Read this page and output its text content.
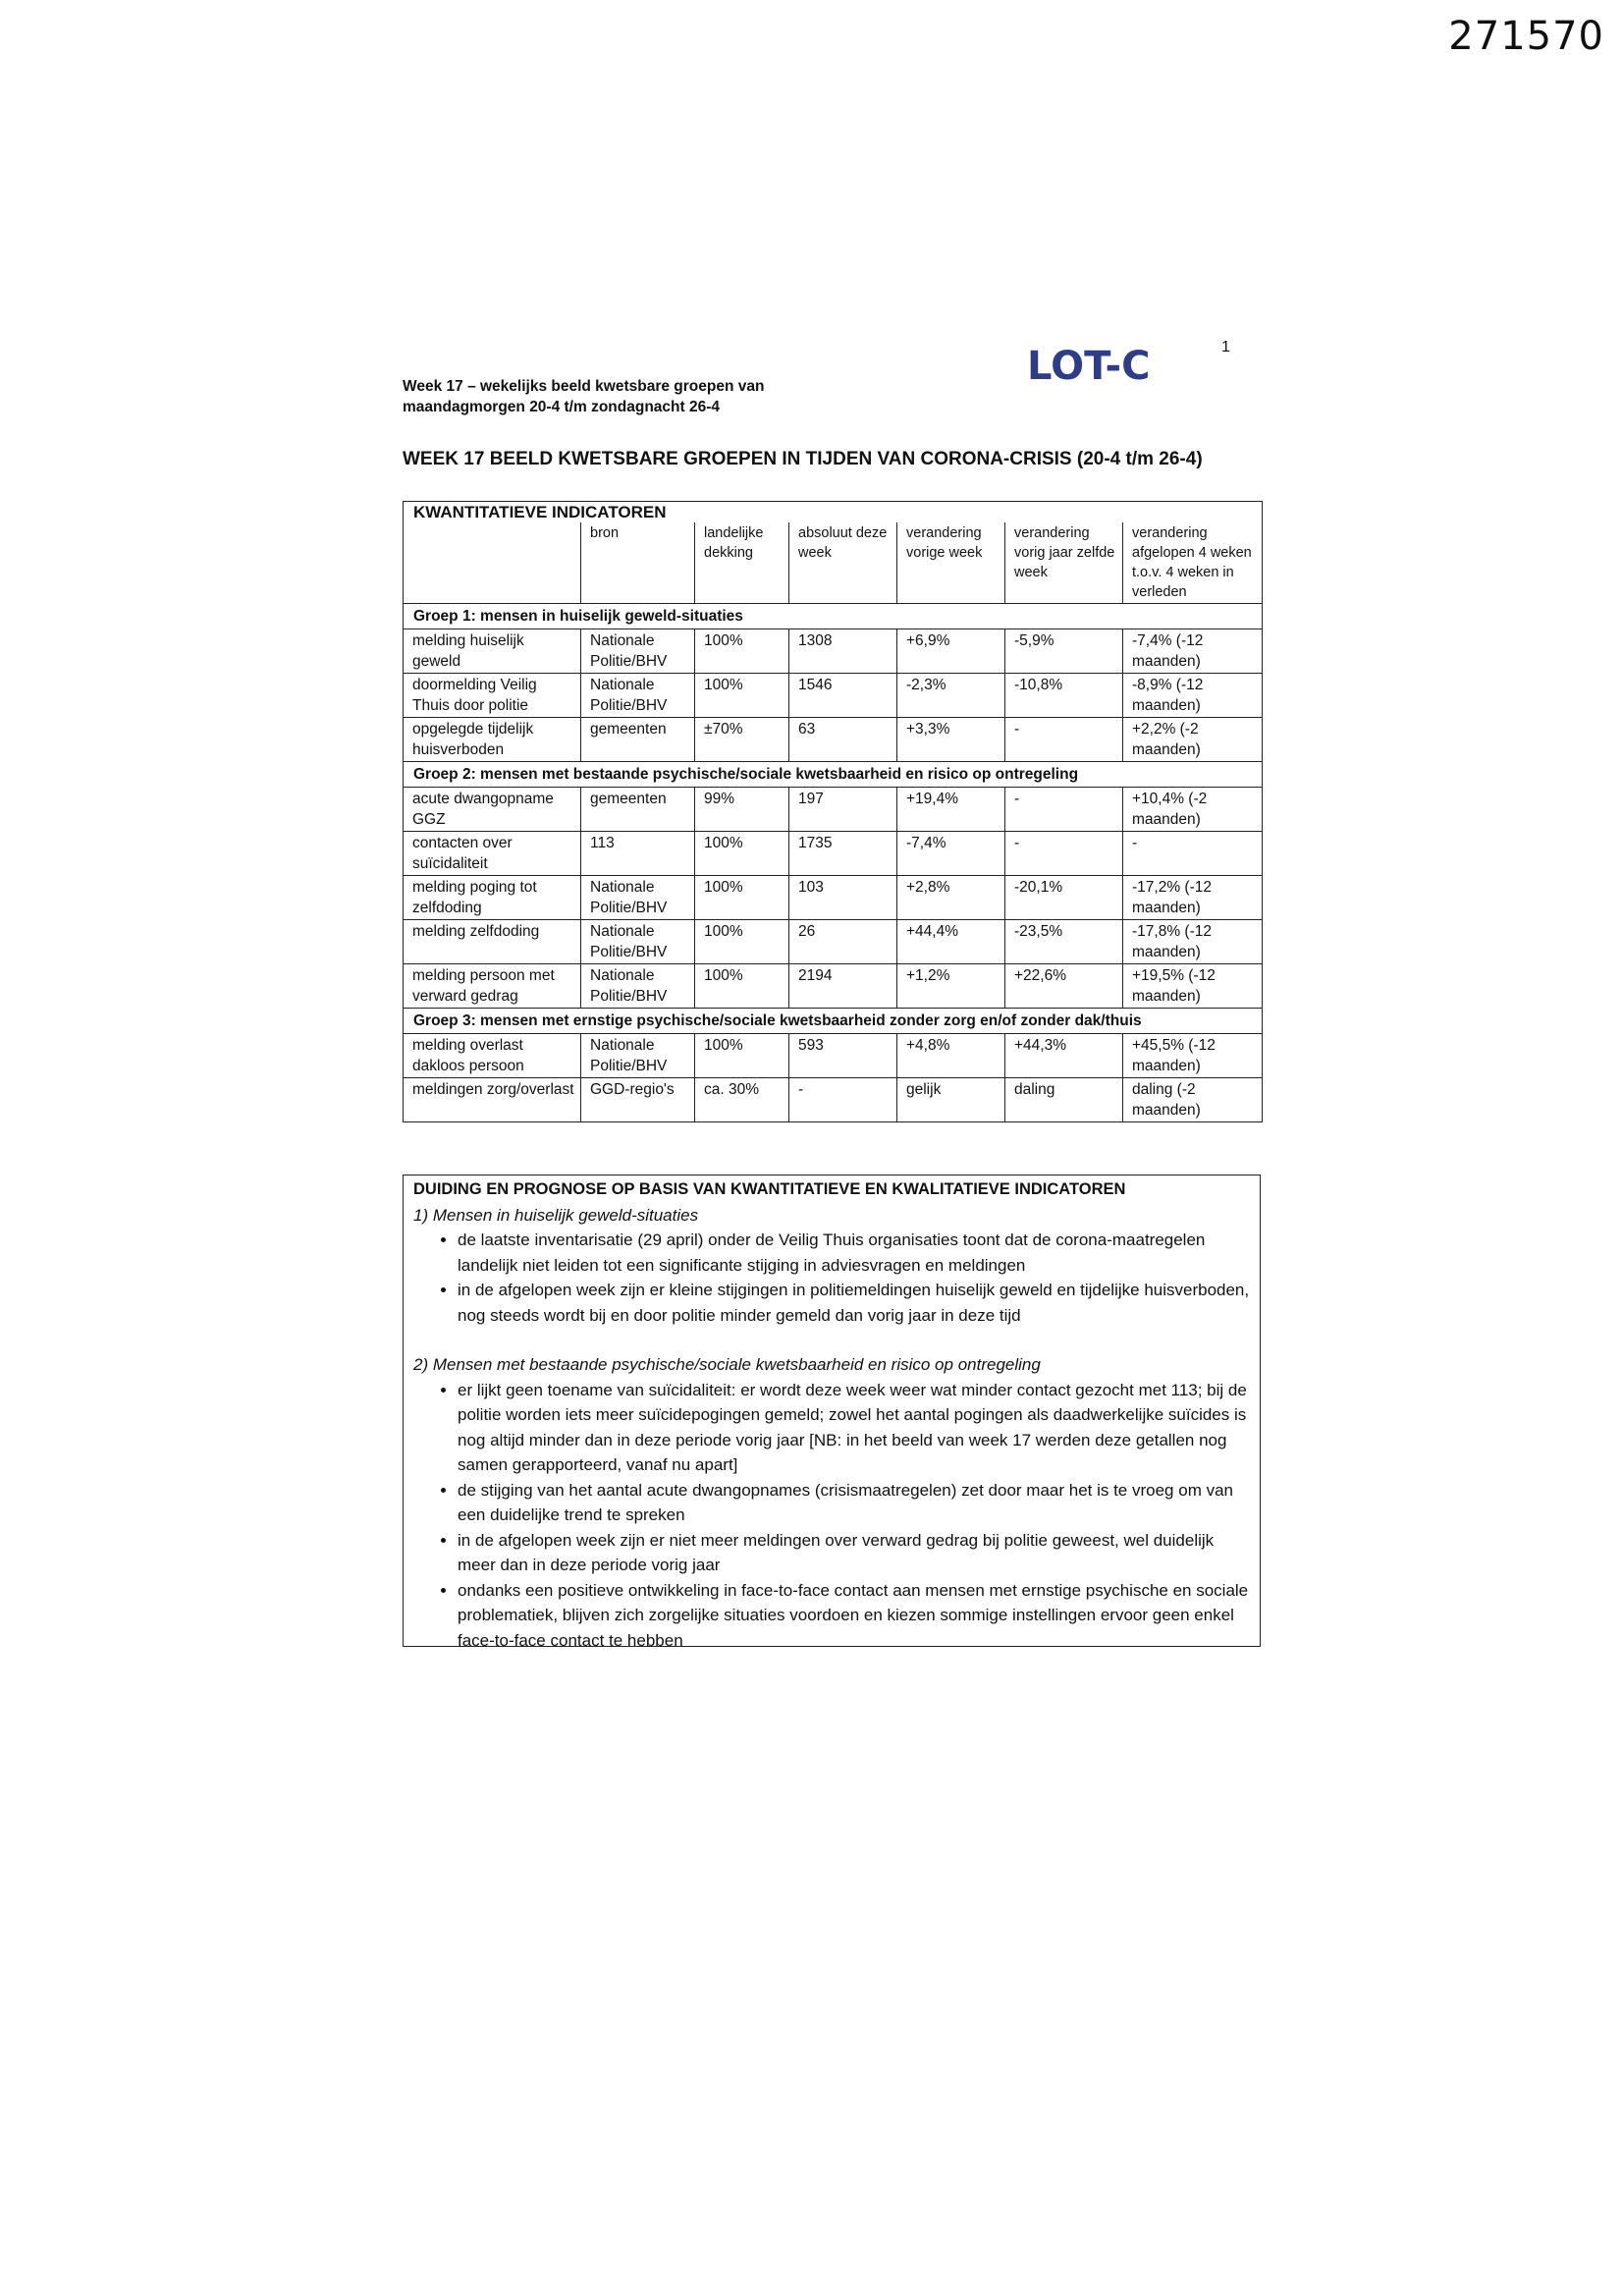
271570
Week 17 – wekelijks beeld kwetsbare groepen van
maandagmorgen 20-4 t/m zondagnacht 26-4
LOT-C	1
WEEK 17 BEELD KWETSBARE GROEPEN IN TIJDEN VAN CORONA-CRISIS (20-4 t/m 26-4)
KWANTITATIEVE INDICATOREN						
	bron	landelijke dekking	absoluut deze week	verandering vorige week	verandering vorig jaar zelfde week	verandering afgelopen 4 weken t.o.v. 4 weken in verleden
Groep 1: mensen in huiselijk geweld-situaties						
melding huiselijk geweld	Nationale Politie/BHV	100%	1308	+6,9%	-5,9%	-7,4% (-12 maanden)
doormelding Veilig Thuis door politie	Nationale Politie/BHV	100%	1546	-2,3%	-10,8%	-8,9% (-12 maanden)
opgelegde tijdelijk huisverboden	gemeenten	±70%	63	+3,3%	-	+2,2% (-2 maanden)
Groep 2: mensen met bestaande psychische/sociale kwetsbaarheid en risico op ontregeling						
acute dwangopname GGZ	gemeenten	99%	197	+19,4%	-	+10,4% (-2 maanden)
contacten over suïcidaliteit	113	100%	1735	-7,4%	-	-
melding poging tot zelfdoding	Nationale Politie/BHV	100%	103	+2,8%	-20,1%	-17,2% (-12 maanden)
melding zelfdoding	Nationale Politie/BHV	100%	26	+44,4%	-23,5%	-17,8% (-12 maanden)
melding persoon met verward gedrag	Nationale Politie/BHV	100%	2194	+1,2%	+22,6%	+19,5% (-12 maanden)
Groep 3: mensen met ernstige psychische/sociale kwetsbaarheid zonder zorg en/of zonder dak/thuis						
melding overlast dakloos persoon	Nationale Politie/BHV	100%	593	+4,8%	+44,3%	+45,5% (-12 maanden)
meldingen zorg/overlast	GGD-regio's	ca. 30%	-	gelijk	daling	daling (-2 maanden)
DUIDING EN PROGNOSE OP BASIS VAN KWANTITATIEVE EN KWALITATIEVE INDICATOREN
1) Mensen in huiselijk geweld-situaties
• de laatste inventarisatie (29 april) onder de Veilig Thuis organisaties toont dat de corona-maatregelen landelijk niet leiden tot een significante stijging in adviesvragen en meldingen
• in de afgelopen week zijn er kleine stijgingen in politiemeldingen huiselijk geweld en tijdelijke huisverboden, nog steeds wordt bij en door politie minder gemeld dan vorig jaar in deze tijd
2) Mensen met bestaande psychische/sociale kwetsbaarheid en risico op ontregeling
• er lijkt geen toename van suïcidaliteit: er wordt deze week weer wat minder contact gezocht met 113; bij de politie worden iets meer suïcidepogingen gemeld; zowel het aantal pogingen als daadwerkelijke suïcides is nog altijd minder dan in deze periode vorig jaar [NB: in het beeld van week 17 werden deze getallen nog samen gerapporteerd, vanaf nu apart]
• de stijging van het aantal acute dwangopnames (crisismaatregelen) zet door maar het is te vroeg om van een duidelijke trend te spreken
• in de afgelopen week zijn er niet meer meldingen over verward gedrag bij politie geweest, wel duidelijk meer dan in deze periode vorig jaar
• ondanks een positieve ontwikkeling in face-to-face contact aan mensen met ernstige psychische en sociale problematiek, blijven zich zorgelijke situaties voordoen en kiezen sommige instellingen ervoor geen enkel face-to-face contact te hebben
